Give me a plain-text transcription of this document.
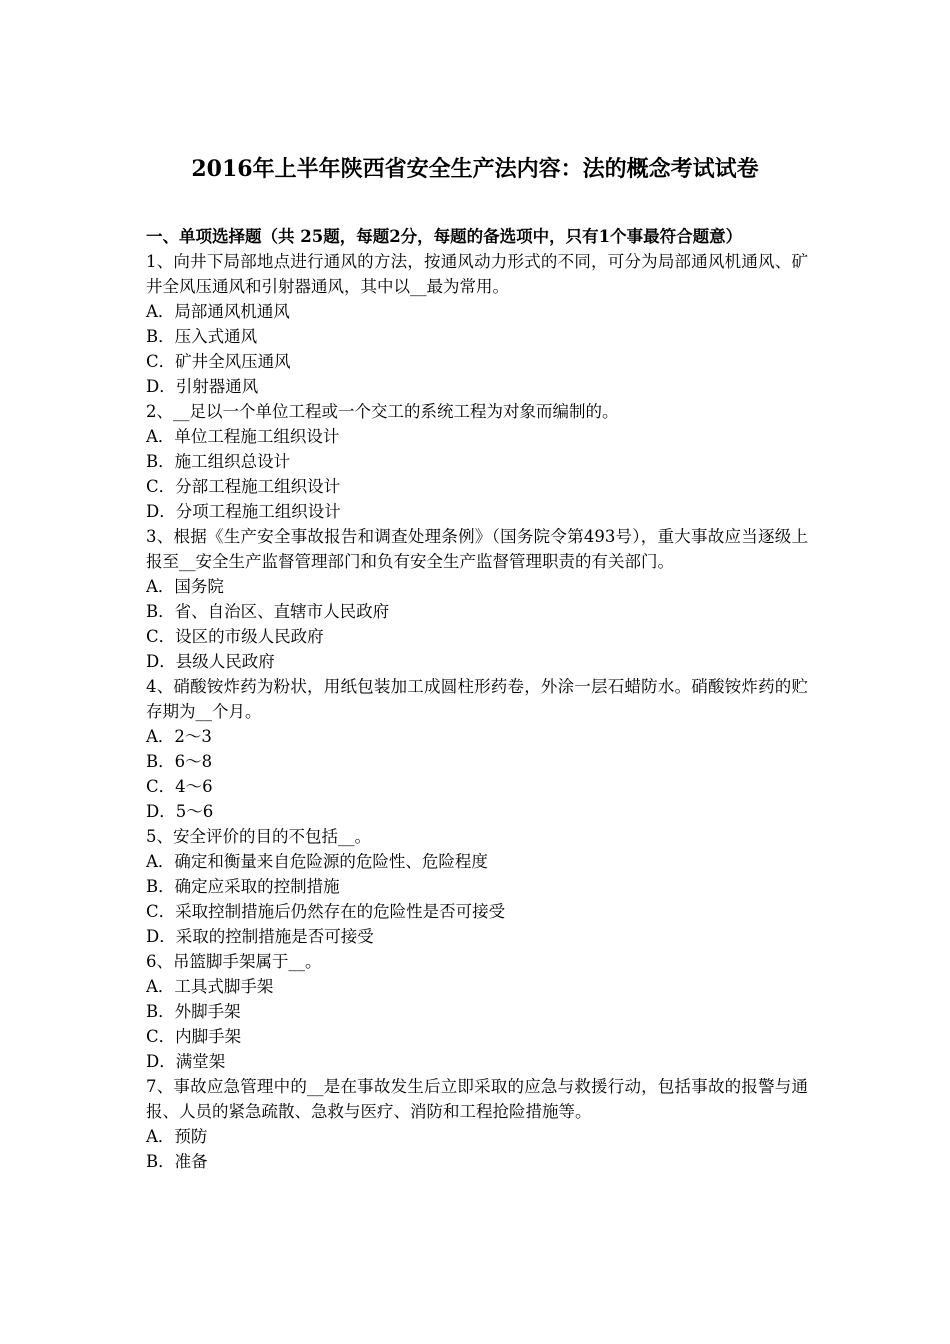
2016年上半年陕西省安全生产法内容：法的概念考试试卷

一、单项选择题（共 25题，每题2分，每题的备选项中，只有1个事最符合题意）

1、向井下局部地点进行通风的方法，按通风动力形式的不同，可分为局部通风机通风、矿井全风压通风和引射器通风，其中以__最为常用。

A．局部通风机通风

B．压入式通风

C．矿井全风压通风

D．引射器通风

2、__足以一个单位工程或一个交工的系统工程为对象而编制的。

A．单位工程施工组织设计

B．施工组织总设计

C．分部工程施工组织设计

D．分项工程施工组织设计

3、根据《生产安全事故报告和调查处理条例》（国务院令第493号），重大事故应当逐级上报至__安全生产监督管理部门和负有安全生产监督管理职责的有关部门。

A．国务院

B．省、自治区、直辖市人民政府

C．设区的市级人民政府

D．县级人民政府

4、硝酸铵炸药为粉状，用纸包装加工成圆柱形药卷，外涂一层石蜡防水。硝酸铵炸药的贮存期为__个月。

A．2～3

B．6～8

C．4～6

D．5～6

5、安全评价的目的不包括__。

A．确定和衡量来自危险源的危险性、危险程度

B．确定应采取的控制措施

C．采取控制措施后仍然存在的危险性是否可接受

D．采取的控制措施是否可接受

6、吊篮脚手架属于__。

A．工具式脚手架

B．外脚手架

C．内脚手架

D．满堂架

7、事故应急管理中的__是在事故发生后立即采取的应急与救援行动，包括事故的报警与通报、人员的紧急疏散、急救与医疗、消防和工程抢险措施等。

A．预防

B．准备
